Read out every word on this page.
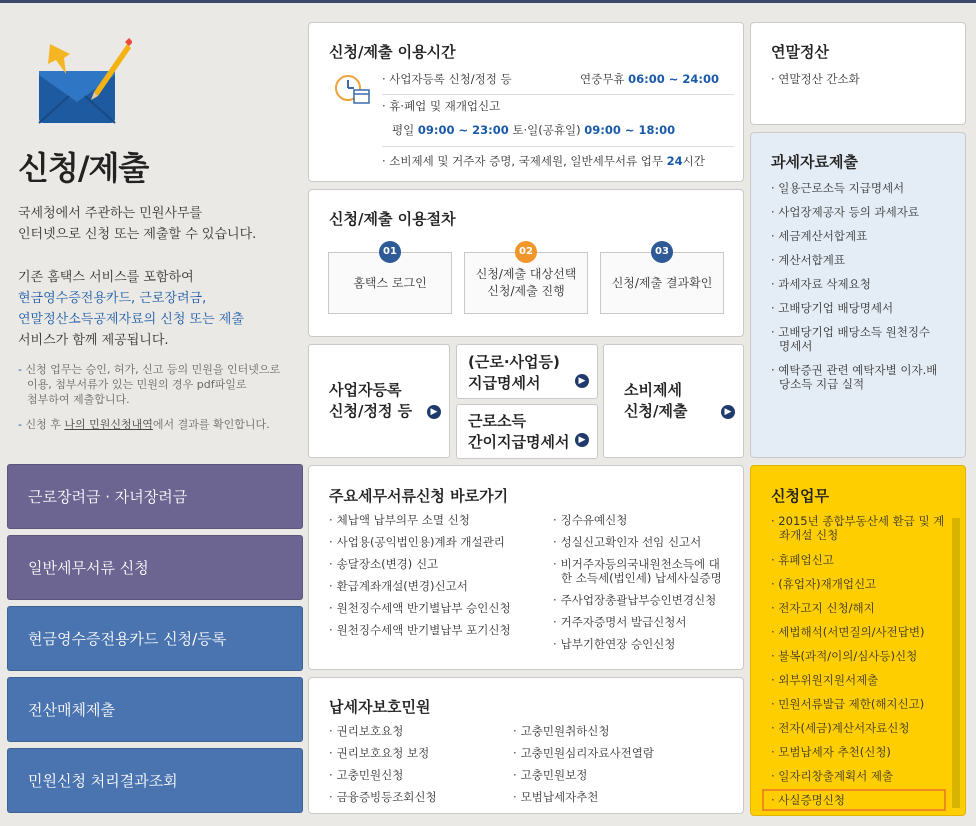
신청/제출
국세청에서 주관하는 민원사무를
인터넷으로 신청 또는 제출할 수 있습니다.
기존 홈택스 서비스를 포함하여
현금영수증전용카드, 근로장려금,
연말정산소득공제자료의 신청 또는 제출
서비스가 함께 제공됩니다.
- 신청 업무는 승인, 허가, 신고 등의 민원을 인터넷으로
이용, 첨부서류가 있는 민원의 경우 pdf파일로
첨부하여 제출합니다.
- 신청 후 나의 민원신청내역에서 결과를 확인합니다.
근로장려금 · 자녀장려금
일반세무서류 신청
현금영수증전용카드 신청/등록
전산매체제출
민원신청 처리결과조회
신청/제출 이용시간
· 사업자등록 신청/정정 등	연중무휴 06:00 ~ 24:00
· 휴·폐업 및 재개업신고
평일 09:00 ~ 23:00 토·일(공휴일) 09:00 ~ 18:00
· 소비제세 및 거주자 증명, 국제세원, 일반세무서류 업무 24시간
신청/제출 이용절차
홈택스 로그인
01
신청/제출 대상선택
신청/제출 진행
02
신청/제출 결과확인
03
사업자등록
신청/정정 등	▶
(근로·사업등)
지급명세서	▶
근로소득
간이지급명세서	▶
소비제세
신청/제출	▶
주요세무서류신청 바로가기
· 체납액 납부의무 소멸 신청
· 사업용(공익법인용)계좌 개설관리
· 송달장소(변경) 신고
· 환급계좌개설(변경)신고서
· 원천징수세액 반기별납부 승인신청
· 원천징수세액 반기별납부 포기신청
· 징수유예신청
· 성실신고확인자 선임 신고서
· 비거주자등의국내원천소득에 대
한 소득세(법인세) 납세사실증명
· 주사업장총괄납부승인변경신청
· 거주자증명서 발급신청서
· 납부기한연장 승인신청
납세자보호민원
· 권리보호요청
· 권리보호요청 보정
· 고충민원신청
· 금융증빙등조회신청
· 고충민원취하신청
· 고충민원심리자료사전열람
· 고충민원보정
· 모범납세자추천
연말정산
· 연말정산 간소화
과세자료제출
· 일용근로소득 지급명세서
· 사업장제공자 등의 과세자료
· 세금계산서합계표
· 계산서합계표
· 과세자료 삭제요청
· 고배당기업 배당명세서
· 고배당기업 배당소득 원천징수
명세서
· 예탁증권 관련 예탁자별 이자.배
당소득 지급 실적
신청업무
· 2015년 종합부동산세 환급 및 계
좌개설 신청
· 휴폐업신고
· (휴업자)재개업신고
· 전자고지 신청/해지
· 세법해석(서면질의/사전답변)
· 불복(과적/이의/심사등)신청
· 외부위원지원서제출
· 민원서류발급 제한(해지신고)
· 전자(세금)계산서자료신청
· 모범납세자 추천(신청)
· 일자리창출계획서 제출
· 사실증명신청
